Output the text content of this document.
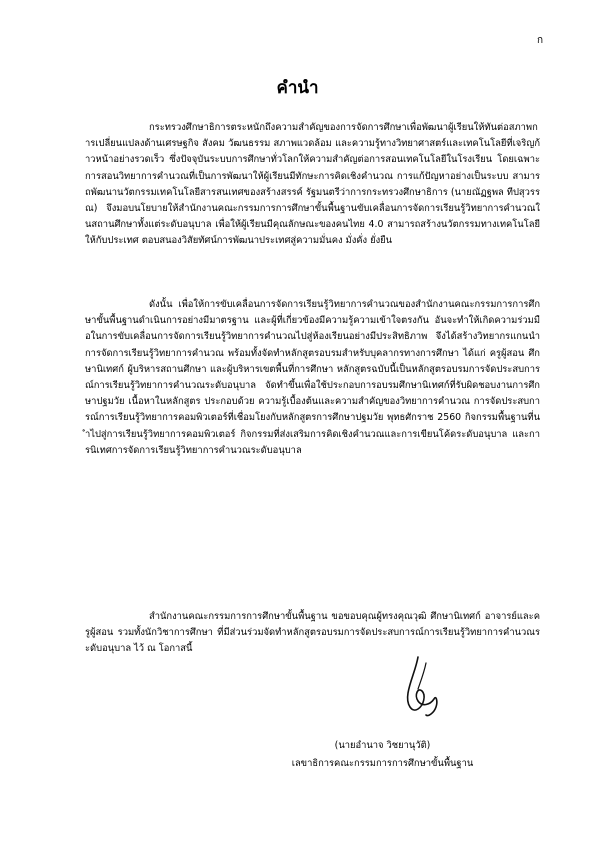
ก
คำนำ

กระทรวงศึกษาธิการตระหนักถึงความสำคัญของการจัดการศึกษาเพื่อพัฒนาผู้เรียนให้ทันต่อสภาพการเปลี่ยนแปลงด้านเศรษฐกิจ สังคม วัฒนธรรม สภาพแวดล้อม และความรู้ทางวิทยาศาสตร์และเทคโนโลยีที่เจริญก้าวหน้าอย่างรวดเร็ว ซึ่งปัจจุบันระบบการศึกษาทั่วโลกให้ความสำคัญต่อการสอนเทคโนโลยีในโรงเรียน โดยเฉพาะการสอนวิทยาการคำนวณที่เป็นการพัฒนาให้ผู้เรียนมีทักษะการคิดเชิงคำนวณ การแก้ปัญหาอย่างเป็นระบบ สามารถพัฒนานวัตกรรมเทคโนโลยีสารสนเทศของสร้างสรรค์ รัฐมนตรีว่าการกระทรวงศึกษาธิการ (นายณัฏฐพล ทีปสุวรรณ) จึงมอบนโยบายให้สำนักงานคณะกรรมการการศึกษาขั้นพื้นฐานขับเคลื่อนการจัดการเรียนรู้วิทยาการคำนวณในสถานศึกษาทั้งแต่ระดับอนุบาล เพื่อให้ผู้เรียนมีคุณลักษณะของคนไทย 4.0 สามารถสร้างนวัตกรรมทางเทคโนโลยีให้กับประเทศ ตอบสนองวิสัยทัศน์การพัฒนาประเทศสู่ความมั่นคง มั่งคั่ง ยั่งยืน

ดังนั้น เพื่อให้การขับเคลื่อนการจัดการเรียนรู้วิทยาการคำนวณของสำนักงานคณะกรรมการการศึกษาขั้นพื้นฐานดำเนินการอย่างมีมาตรฐาน และผู้ที่เกี่ยวข้องมีความรู้ความเข้าใจตรงกัน อันจะทำให้เกิดความร่วมมือในการขับเคลื่อนการจัดการเรียนรู้วิทยาการคำนวณไปสู่ห้องเรียนอย่างมีประสิทธิภาพ จึงได้สร้างวิทยากรแกนนำการจัดการเรียนรู้วิทยาการคำนวณ พร้อมทั้งจัดทำหลักสูตรอบรมสำหรับบุคลากรทางการศึกษา ได้แก่ ครูผู้สอน ศึกษานิเทศก์ ผู้บริหารสถานศึกษา และผู้บริหารเขตพื้นที่การศึกษา หลักสูตรฉบับนี้เป็นหลักสูตรอบรมการจัดประสบการณ์การเรียนรู้วิทยาการคำนวณระดับอนุบาล จัดทำขึ้นเพื่อใช้ประกอบการอบรมศึกษานิเทศก์ที่รับผิดชอบงานการศึกษาปฐมวัย เนื้อหาในหลักสูตร ประกอบด้วย ความรู้เบื้องต้นและความสำคัญของวิทยาการคำนวณ การจัดประสบการณ์การเรียนรู้วิทยาการคอมพิวเตอร์ที่เชื่อมโยงกับหลักสูตรการศึกษาปฐมวัย พุทธศักราช 2560 กิจกรรมพื้นฐานที่นำไปสู่การเรียนรู้วิทยาการคอมพิวเตอร์ กิจกรรมที่ส่งเสริมการคิดเชิงคำนวณและการเขียนโค้ดระดับอนุบาล และการนิเทศการจัดการเรียนรู้วิทยาการคำนวณระดับอนุบาล

สำนักงานคณะกรรมการการศึกษาขั้นพื้นฐาน ขอขอบคุณผู้ทรงคุณวุฒิ ศึกษานิเทศก์ อาจารย์และครูผู้สอน รวมทั้งนักวิชาการศึกษา ที่มีส่วนร่วมจัดทำหลักสูตรอบรมการจัดประสบการณ์การเรียนรู้วิทยาการคำนวณระดับอนุบาล ไว้ ณ โอกาสนี้

(นายอำนาจ วิชยานุวัติ)
เลขาธิการคณะกรรมการการศึกษาขั้นพื้นฐาน
